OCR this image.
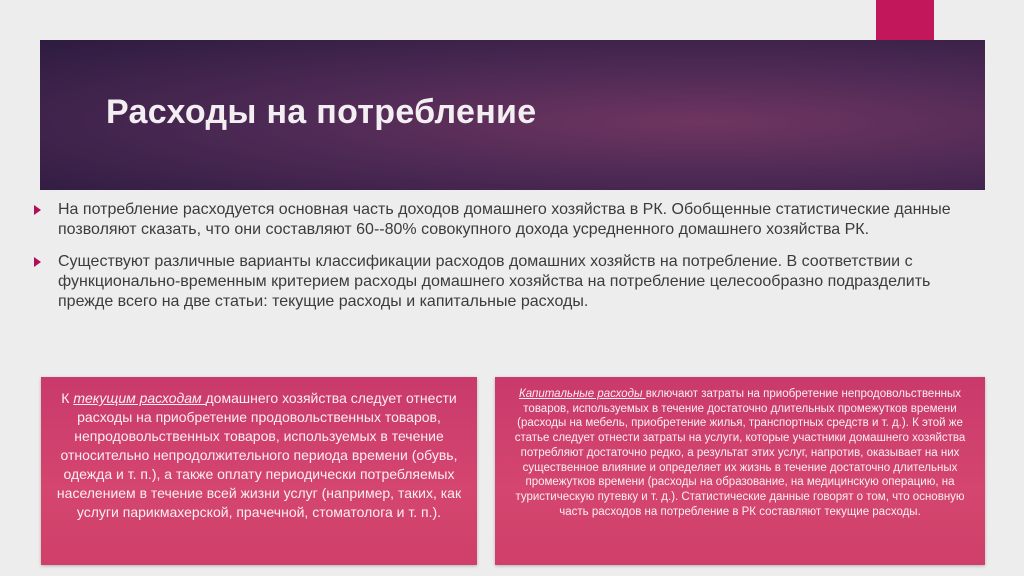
Расходы на потребление
На потребление расходуется основная часть доходов домашнего хозяйства в РК. Обобщенные статистические данные позволяют сказать, что они составляют 60--80% совокупного дохода усредненного домашнего хозяйства РК.
Существуют различные варианты классификации расходов домашних хозяйств на потребление. В соответствии с функционально-временным критерием расходы домашнего хозяйства на потребление целесообразно подразделить прежде всего на две статьи: текущие расходы и капитальные расходы.
К текущим расходам домашнего хозяйства следует отнести расходы на приобретение продовольственных товаров, непродовольственных товаров, используемых в течение относительно непродолжительного периода времени (обувь, одежда и т. п.), а также оплату периодически потребляемых населением в течение всей жизни услуг (например, таких, как услуги парикмахерской, прачечной, стоматолога и т. п.).
Капитальные расходы включают затраты на приобретение непродовольственных товаров, используемых в течение достаточно длительных промежутков времени (расходы на мебель, приобретение жилья, транспортных средств и т. д.). К этой же статье следует отнести затраты на услуги, которые участники домашнего хозяйства потребляют достаточно редко, а результат этих услуг, напротив, оказывает на них существенное влияние и определяет их жизнь в течение достаточно длительных промежутков времени (расходы на образование, на медицинскую операцию, на туристическую путевку и т. д.). Статистические данные говорят о том, что основную часть расходов на потребление в РК составляют текущие расходы.
